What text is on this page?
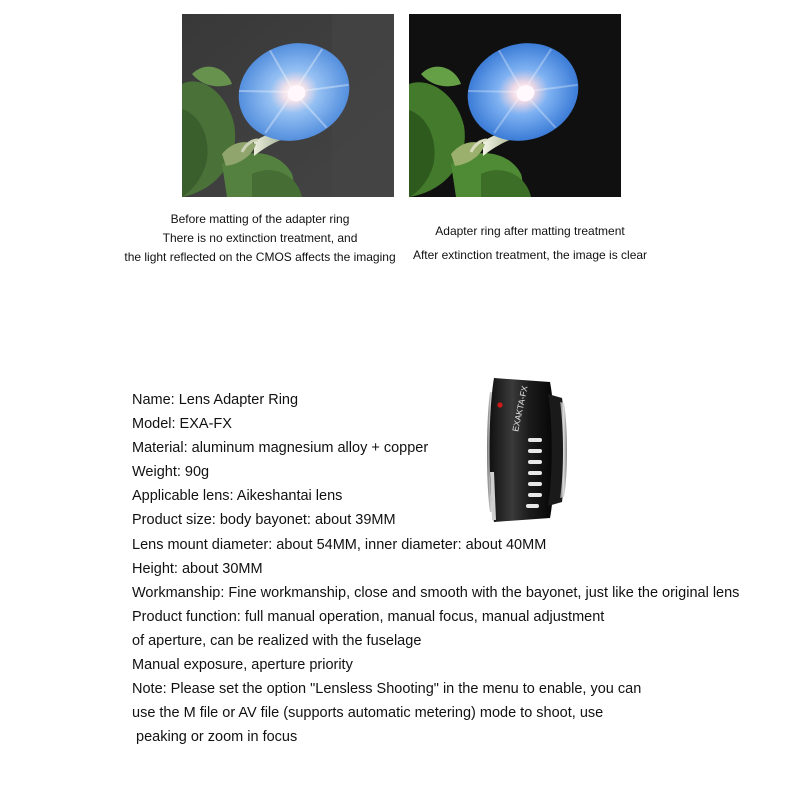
Before matting of the adapter ring
There is no extinction treatment, and
the light reflected on the CMOS affects the imaging
Adapter ring after matting treatment
After extinction treatment, the image is clear
Name: Lens Adapter Ring
Model: EXA-FX
Material: aluminum magnesium alloy + copper
Weight: 90g
Applicable lens: Aikeshantai lens
Product size: body bayonet: about 39MM
Lens mount diameter: about 54MM, inner diameter: about 40MM
Height: about 30MM
Workmanship: Fine workmanship, close and smooth with the bayonet, just like the original lens
Product function: full manual operation, manual focus, manual adjustment
of aperture, can be realized with the fuselage
Manual exposure, aperture priority
Note: Please set the option "Lensless Shooting" in the menu to enable, you can
use the M file or AV file (supports automatic metering) mode to shoot, use
peaking or zoom in focus
EXAKTA-FX
